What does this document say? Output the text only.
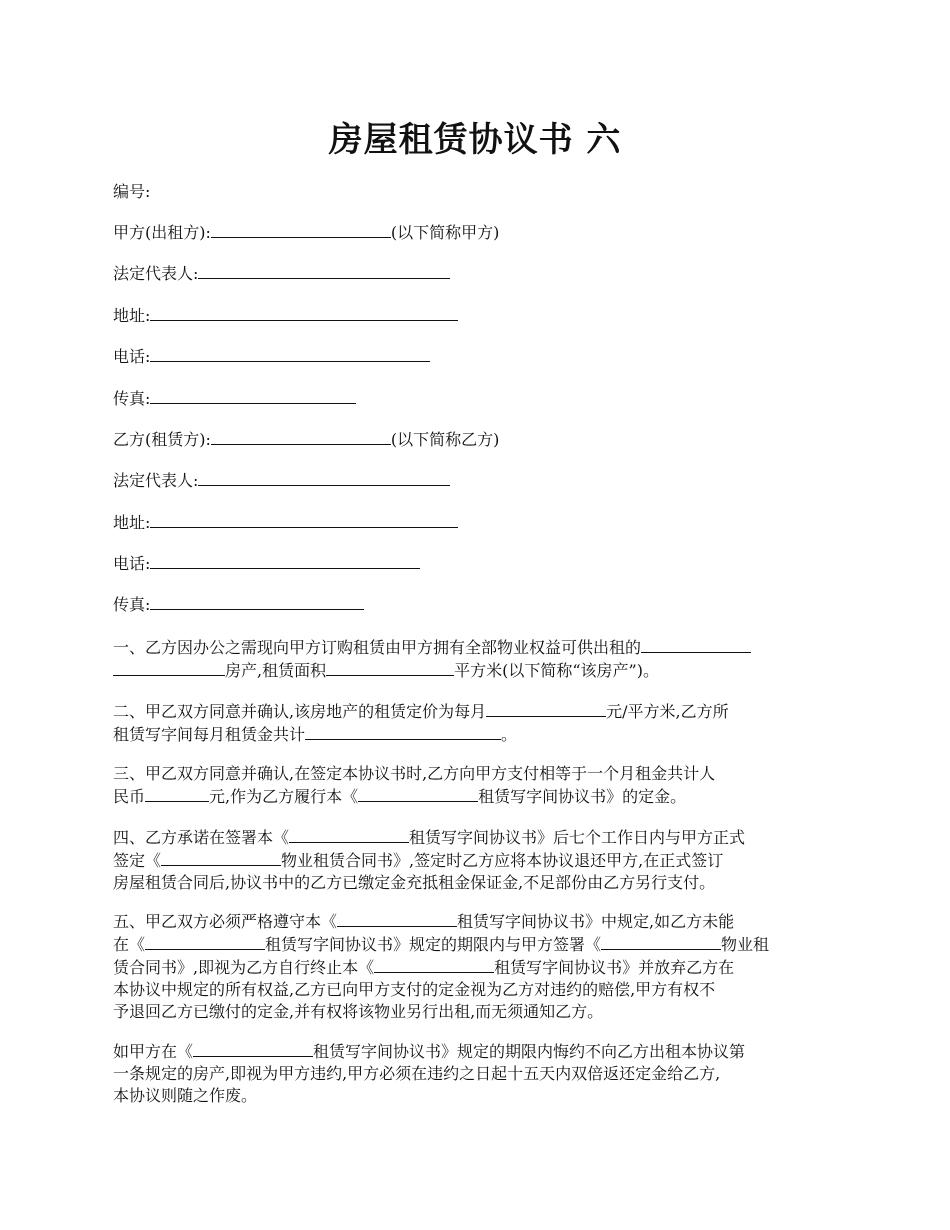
房屋租赁协议书 六
编号:
甲方(出租方):	(以下简称甲方)
法定代表人:
地址:
电话:
传真:
乙方(租赁方):	(以下简称乙方)
法定代表人:
地址:
电话:
传真:
一、乙方因办公之需现向甲方订购租赁由甲方拥有全部物业权益可供出租的
房产,租赁面积	平方米(以下简称“该房产”)。
二、甲乙双方同意并确认,该房地产的租赁定价为每月	元/平方米,乙方所
租赁写字间每月租赁金共计	。
三、甲乙双方同意并确认,在签定本协议书时,乙方向甲方支付相等于一个月租金共计人
民币	元,作为乙方履行本《	租赁写字间协议书》的定金。
四、乙方承诺在签署本《	租赁写字间协议书》后七个工作日内与甲方正式
签定《	物业租赁合同书》,签定时乙方应将本协议退还甲方,在正式签订
房屋租赁合同后,协议书中的乙方已缴定金充抵租金保证金,不足部份由乙方另行支付。
五、甲乙双方必须严格遵守本《	租赁写字间协议书》中规定,如乙方未能
在《	租赁写字间协议书》规定的期限内与甲方签署《	物业租
赁合同书》,即视为乙方自行终止本《	租赁写字间协议书》并放弃乙方在
本协议中规定的所有权益,乙方已向甲方支付的定金视为乙方对违约的赔偿,甲方有权不
予退回乙方已缴付的定金,并有权将该物业另行出租,而无须通知乙方。
如甲方在《	租赁写字间协议书》规定的期限内悔约不向乙方出租本协议第
一条规定的房产,即视为甲方违约,甲方必须在违约之日起十五天内双倍返还定金给乙方,
本协议则随之作废。
